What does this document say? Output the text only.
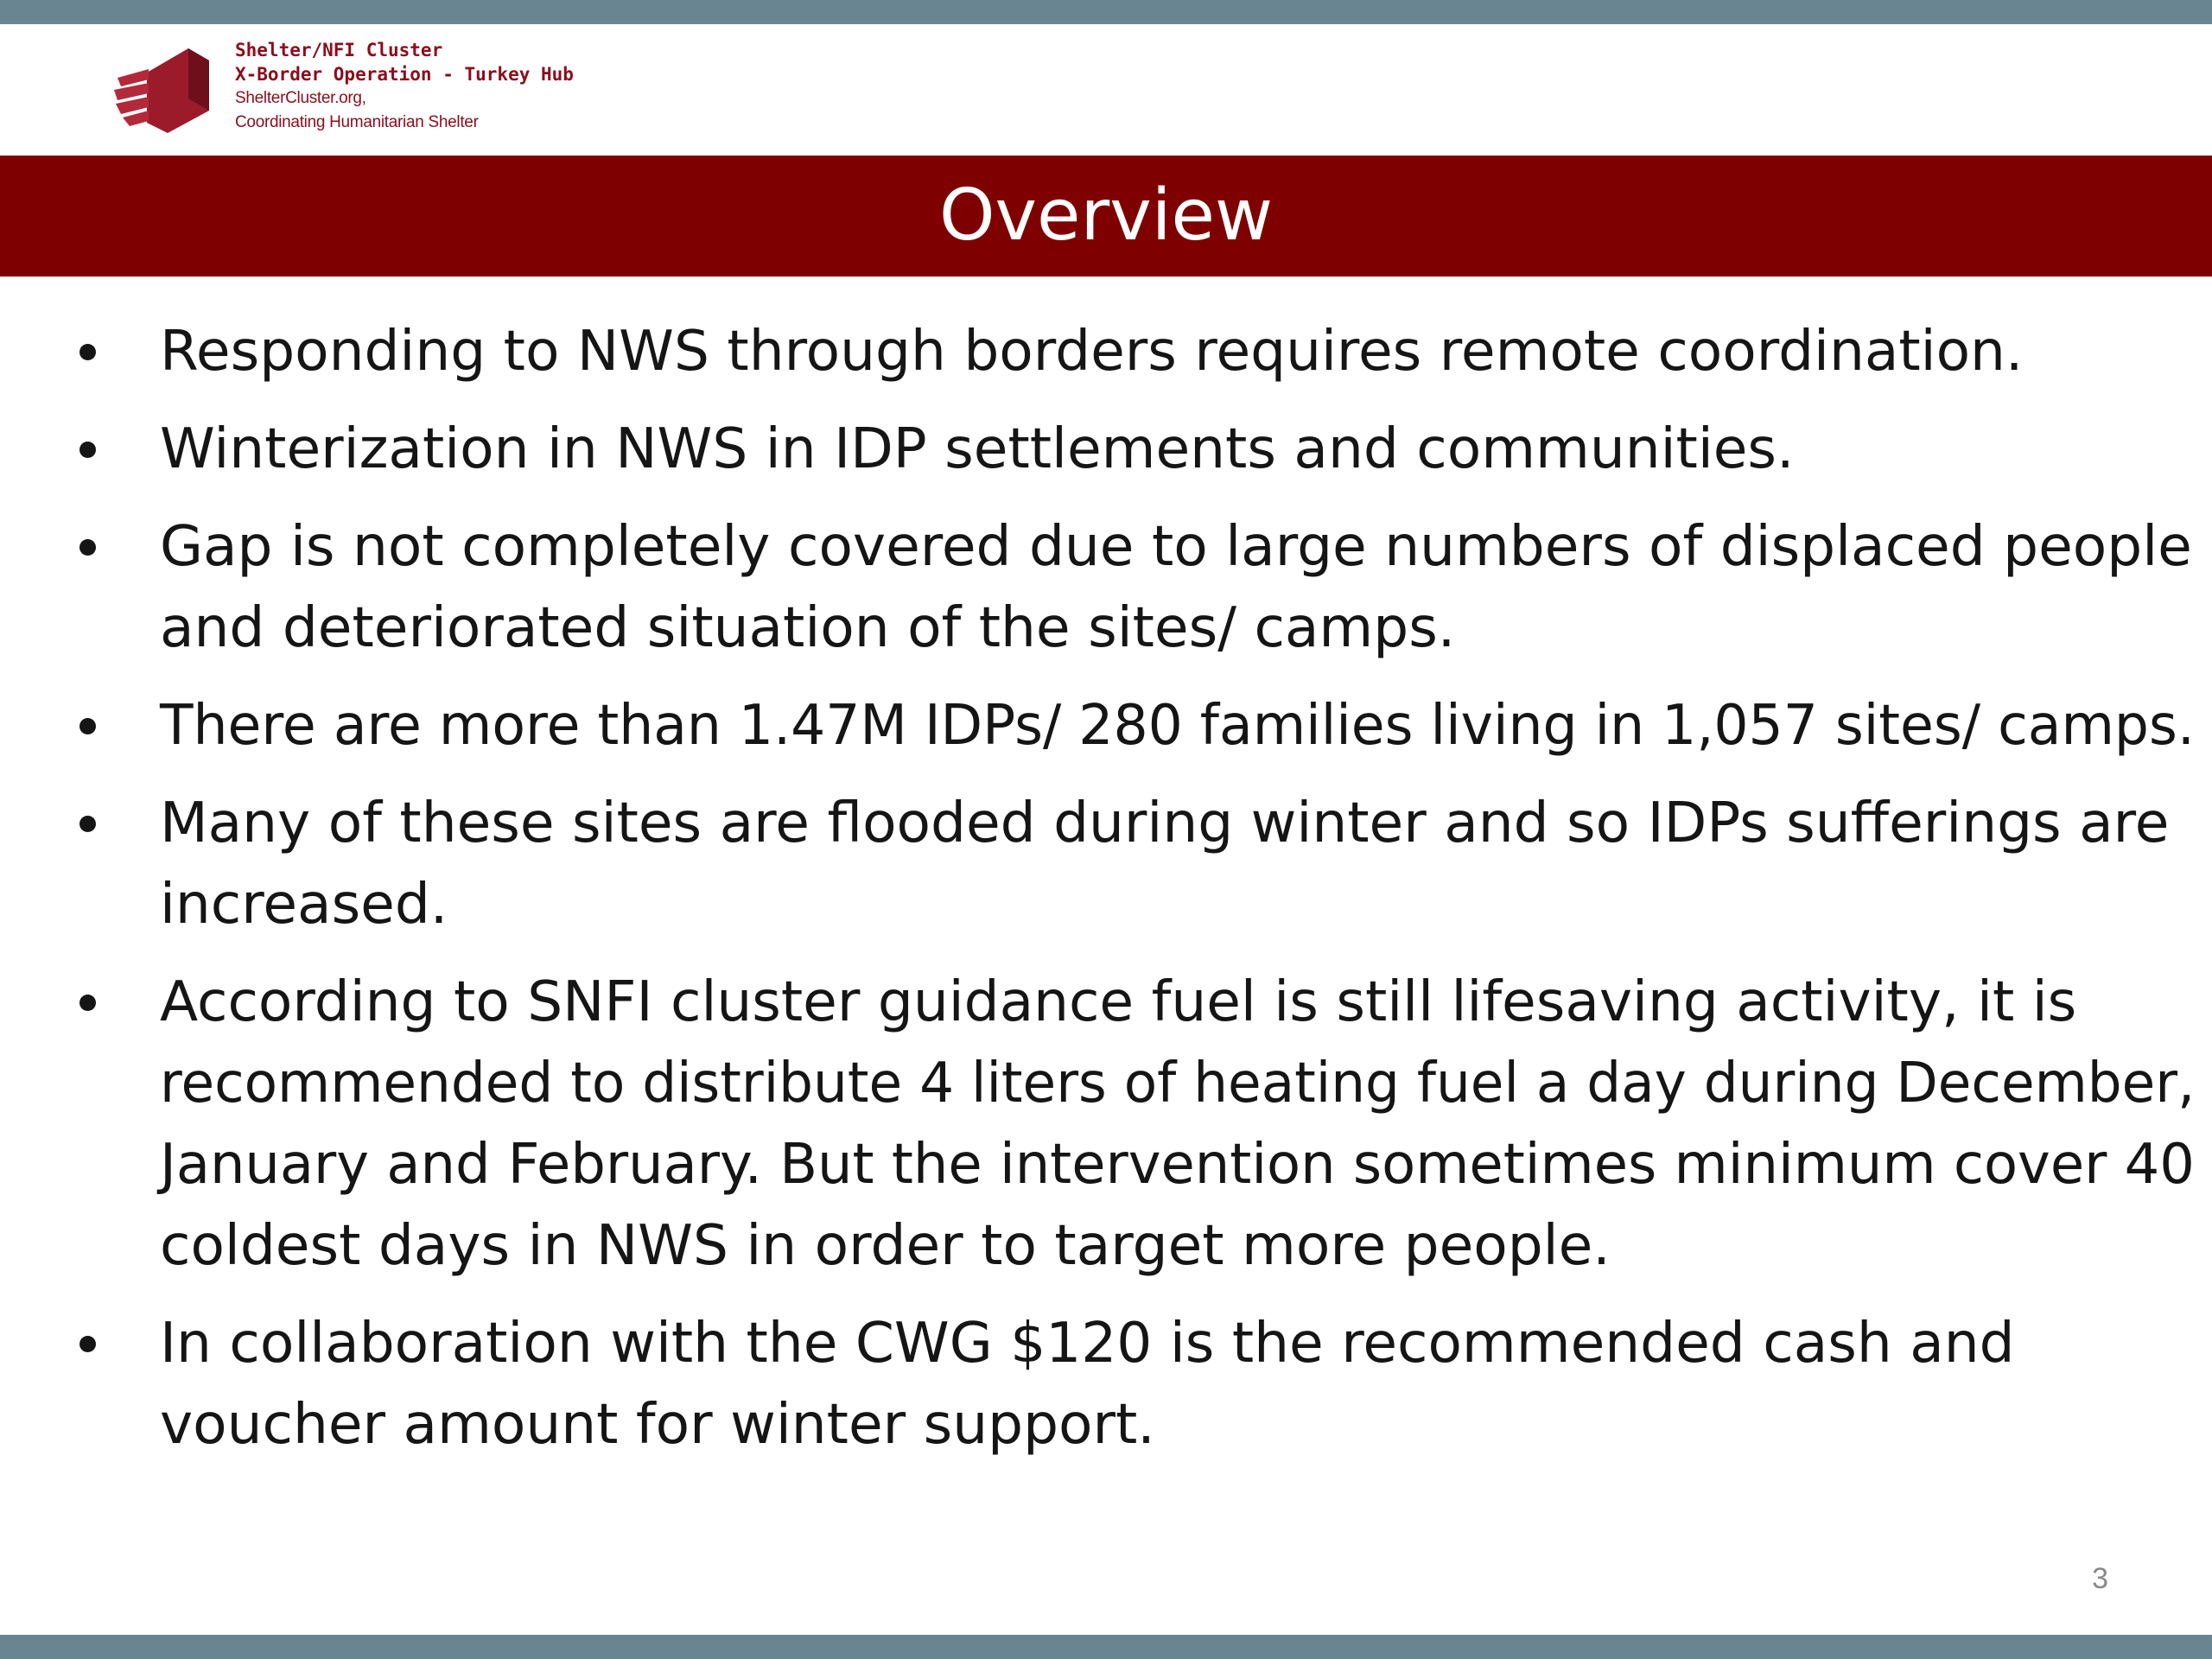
Shelter/NFI Cluster
X-Border Operation - Turkey Hub
ShelterCluster.org,
Coordinating Humanitarian Shelter
Overview
Responding to NWS through borders requires remote coordination.
Winterization in NWS in IDP settlements and communities.
Gap is not completely covered due to large numbers of displaced people
and deteriorated situation of the sites/ camps.
There are more than 1.47M IDPs/ 280 families living in 1,057 sites/ camps.
Many of these sites are flooded during winter and so IDPs sufferings are
increased.
According to SNFI cluster guidance fuel is still lifesaving activity, it is
recommended to distribute 4 liters of heating fuel a day during December,
January and February. But the intervention sometimes minimum cover 40
coldest days in NWS in order to target more people.
In collaboration with the CWG $120 is the recommended cash and
voucher amount for winter support.
3
